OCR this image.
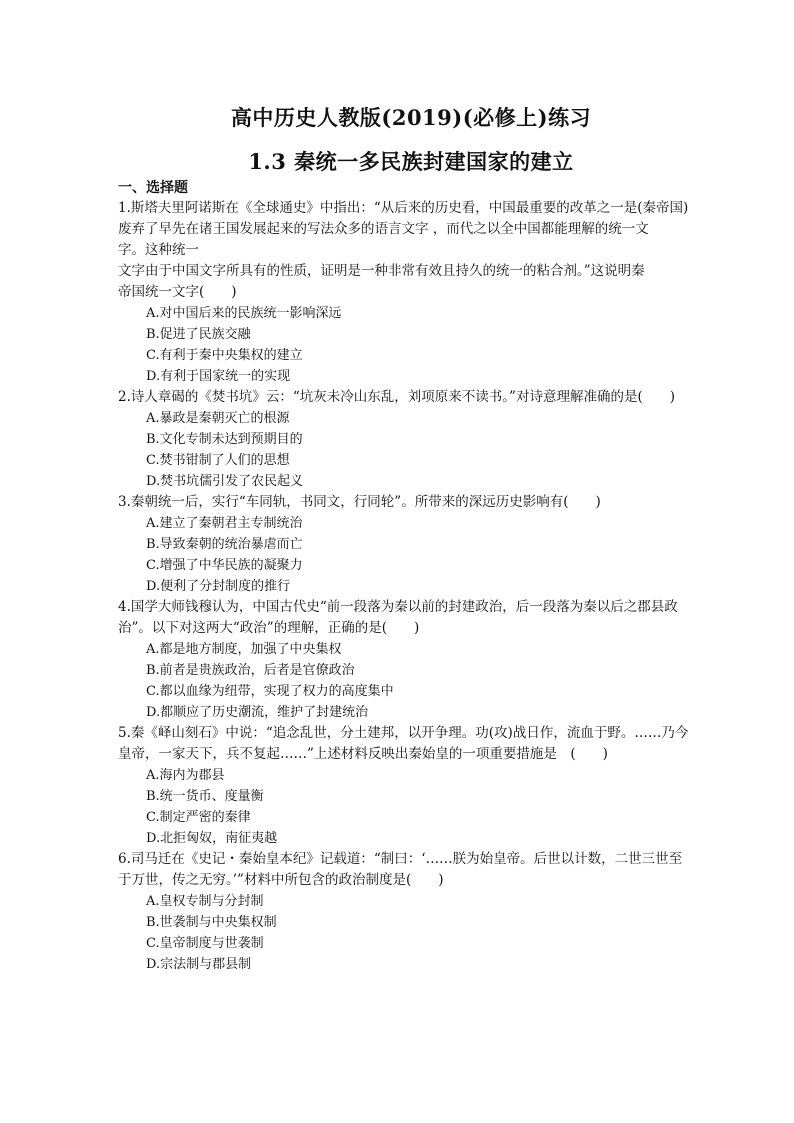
高中历史人教版(2019)(必修上)练习
1.3 秦统一多民族封建国家的建立
一、选择题
1.斯塔夫里阿诺斯在《全球通史》中指出：“从后来的历史看，中国最重要的改革之一是(秦帝国)
废弃了早先在诸王国发展起来的写法众多的语言文字 ，而代之以全中国都能理解的统一文
字。这种统一
文字由于中国文字所具有的性质，证明是一种非常有效且持久的统一的粘合剂。”这说明秦
帝国统一文字(　　)
A.对中国后来的民族统一影响深远
B.促进了民族交融
C.有利于秦中央集权的建立
D.有利于国家统一的实现
2.诗人章碣的《焚书坑》云：“坑灰未冷山东乱，刘项原来不读书。”对诗意理解准确的是(　　)
A.暴政是秦朝灭亡的根源
B.文化专制未达到预期目的
C.焚书钳制了人们的思想
D.焚书坑儒引发了农民起义
3.秦朝统一后，实行“车同轨，书同文，行同轮”。所带来的深远历史影响有(　　)
A.建立了秦朝君主专制统治
B.导致秦朝的统治暴虐而亡
C.增强了中华民族的凝聚力
D.便利了分封制度的推行
4.国学大师钱穆认为，中国古代史“前一段落为秦以前的封建政治，后一段落为秦以后之郡县政
治”。以下对这两大“政治”的理解，正确的是(　　)
A.都是地方制度，加强了中央集权
B.前者是贵族政治，后者是官僚政治
C.都以血缘为纽带，实现了权力的高度集中
D.都顺应了历史潮流，维护了封建统治
5.秦《峄山刻石》中说：“追念乱世，分土建邦，以开争理。功(攻)战日作，流血于野。……乃今
皇帝，一家天下，兵不复起……”上述材料反映出秦始皇的一项重要措施是　(　　)
A.海内为郡县
B.统一货币、度量衡
C.制定严密的秦律
D.北拒匈奴，南征夷越
6.司马迁在《史记・秦始皇本纪》记载道：“制曰：‘……朕为始皇帝。后世以计数，二世三世至
于万世，传之无穷。’”材料中所包含的政治制度是(　　)
A.皇权专制与分封制
B.世袭制与中央集权制
C.皇帝制度与世袭制
D.宗法制与郡县制
